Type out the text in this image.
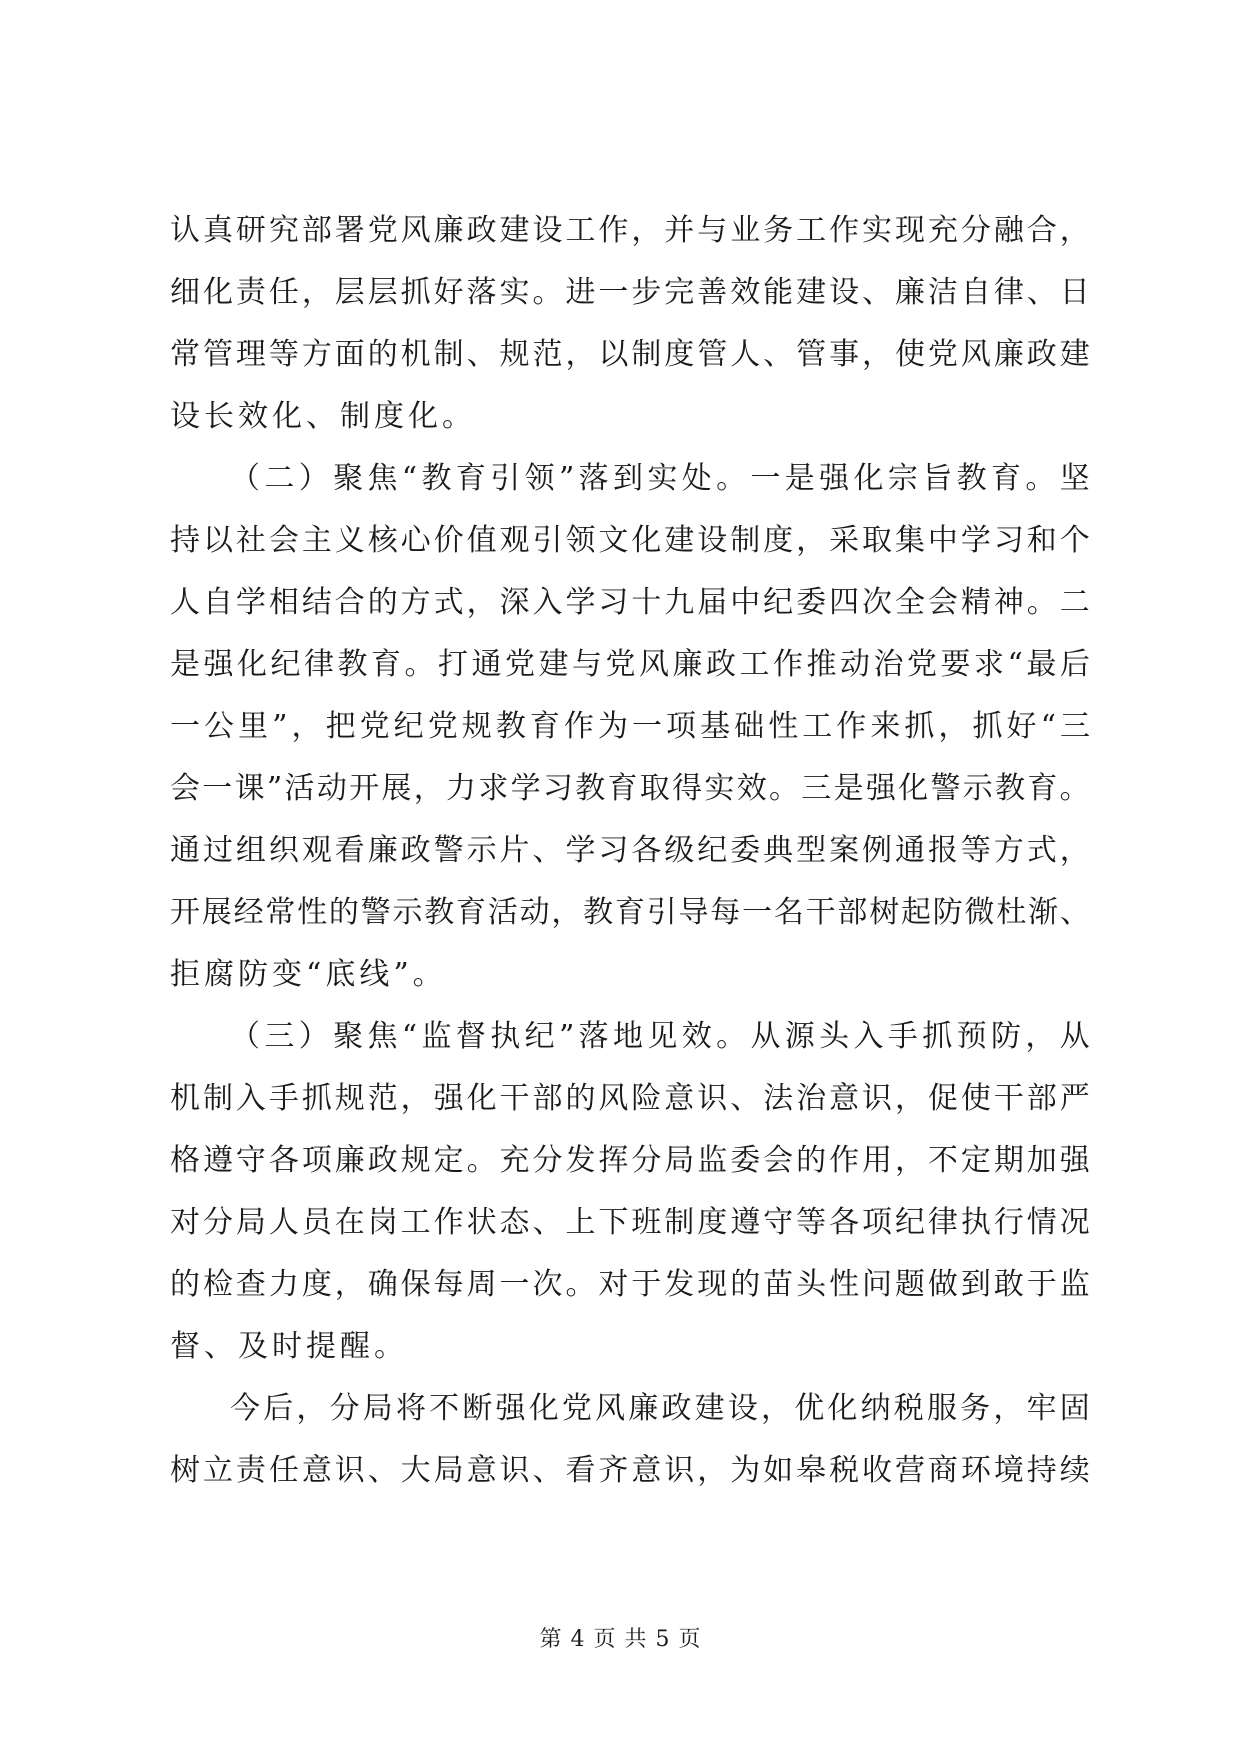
认 真 研 究 部 署 党 风 廉 政 建 设 工 作 ， 并 与 业 务 工 作 实 现 充 分 融 合 ，
细 化 责 任 ， 层 层 抓 好 落 实 。 进 一 步 完 善 效 能 建 设 、 廉 洁 自 律 、 日
常 管 理 等 方 面 的 机 制 、 规 范 ， 以 制 度 管 人 、 管 事 ， 使 党 风 廉 政 建
设长效化、制度化。
（ 二 ） 聚 焦 “ 教 育 引 领 ” 落 到 实 处 。 一 是 强 化 宗 旨 教 育 。 坚
持 以 社 会 主 义 核 心 价 值 观 引 领 文 化 建 设 制 度 ， 采 取 集 中 学 习 和 个
人 自 学 相 结 合 的 方 式 ， 深 入 学 习 十 九 届 中 纪 委 四 次 全 会 精 神 。 二
是 强 化 纪 律 教 育 。 打 通 党 建 与 党 风 廉 政 工 作 推 动 治 党 要 求 “ 最 后
一 公 里 ” ， 把 党 纪 党 规 教 育 作 为 一 项 基 础 性 工 作 来 抓 ， 抓 好 “ 三
会 一 课 ” 活 动 开 展 ， 力 求 学 习 教 育 取 得 实 效 。 三 是 强 化 警 示 教 育 。
通 过 组 织 观 看 廉 政 警 示 片 、 学 习 各 级 纪 委 典 型 案 例 通 报 等 方 式 ，
开 展 经 常 性 的 警 示 教 育 活 动 ， 教 育 引 导 每 一 名 干 部 树 起 防 微 杜 渐 、
拒腐防变“底线”。
（ 三 ） 聚 焦 “ 监 督 执 纪 ” 落 地 见 效 。 从 源 头 入 手 抓 预 防 ， 从
机 制 入 手 抓 规 范 ， 强 化 干 部 的 风 险 意 识 、 法 治 意 识 ， 促 使 干 部 严
格 遵 守 各 项 廉 政 规 定 。 充 分 发 挥 分 局 监 委 会 的 作 用 ， 不 定 期 加 强
对 分 局 人 员 在 岗 工 作 状 态 、 上 下 班 制 度 遵 守 等 各 项 纪 律 执 行 情 况
的 检 查 力 度 ， 确 保 每 周 一 次 。 对 于 发 现 的 苗 头 性 问 题 做 到 敢 于 监
督、及时提醒。
今 后 ， 分 局 将 不 断 强 化 党 风 廉 政 建 设 ， 优 化 纳 税 服 务 ， 牢 固
树 立 责 任 意 识 、 大 局 意 识 、 看 齐 意 识 ， 为 如 皋 税 收 营 商 环 境 持 续
第 4 页 共 5 页
